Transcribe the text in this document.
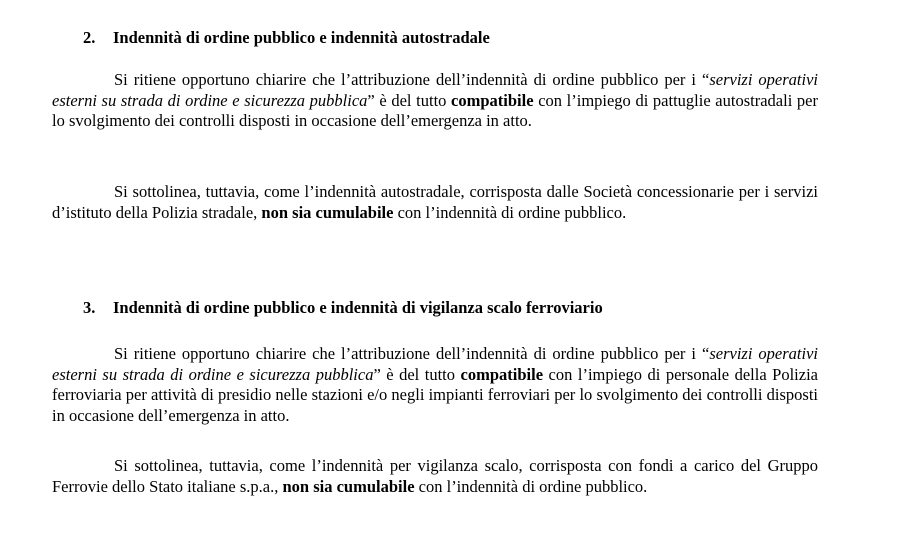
2. Indennità di ordine pubblico e indennità autostradale
Si ritiene opportuno chiarire che l’attribuzione dell’indennità di ordine pubblico per i “servizi operativi esterni su strada di ordine e sicurezza pubblica” è del tutto compatibile con l’impiego di pattuglie autostradali per lo svolgimento dei controlli disposti in occasione dell’emergenza in atto.
Si sottolinea, tuttavia, come l’indennità autostradale, corrisposta dalle Società concessionarie per i servizi d’istituto della Polizia stradale, non sia cumulabile con l’indennità di ordine pubblico.
3. Indennità di ordine pubblico e indennità di vigilanza scalo ferroviario
Si ritiene opportuno chiarire che l’attribuzione dell’indennità di ordine pubblico per i “servizi operativi esterni su strada di ordine e sicurezza pubblica” è del tutto compatibile con l’impiego di personale della Polizia ferroviaria per attività di presidio nelle stazioni e/o negli impianti ferroviari per lo svolgimento dei controlli disposti in occasione dell’emergenza in atto.
Si sottolinea, tuttavia, come l’indennità per vigilanza scalo, corrisposta con fondi a carico del Gruppo Ferrovie dello Stato italiane s.p.a., non sia cumulabile con l’indennità di ordine pubblico.
